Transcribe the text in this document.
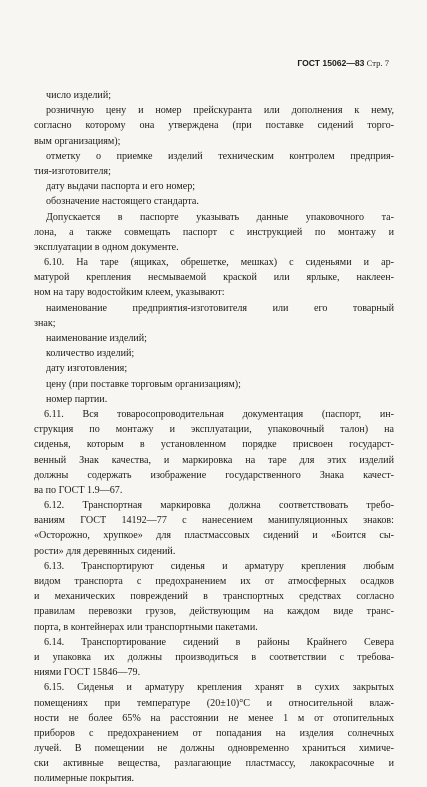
ГОСТ 15062—83 Стр. 7
число изделий;
розничную цену и номер прейскуранта или дополнения к нему,
согласно которому она утверждена (при поставке сидений торго-
вым организациям);
отметку о приемке изделий техническим контролем предприя-
тия-изготовителя;
дату выдачи паспорта и его номер;
обозначение настоящего стандарта.
Допускается в паспорте указывать данные упаковочного та-
лона, а также совмещать паспорт с инструкцией по монтажу и
эксплуатации в одном документе.
6.10. На таре (ящиках, обрешетке, мешках) с сиденьями и ар-
матурой крепления несмываемой краской или ярлыке, наклеен-
ном на тару водостойким клеем, указывают:
наименование предприятия-изготовителя или его товарный
знак;
наименование изделий;
количество изделий;
дату изготовления;
цену (при поставке торговым организациям);
номер партии.
6.11. Вся товаросопроводительная документация (паспорт, ин-
струкция по монтажу и эксплуатации, упаковочный талон) на
сиденья, которым в установленном порядке присвоен государст-
венный Знак качества, и маркировка на таре для этих изделий
должны содержать изображение государственного Знака качест-
ва по ГОСТ 1.9—67.
6.12. Транспортная маркировка должна соответствовать требо-
ваниям ГОСТ 14192—77 с нанесением манипуляционных знаков:
«Осторожно, хрупкое» для пластмассовых сидений и «Боится сы-
рости» для деревянных сидений.
6.13. Транспортируют сиденья и арматуру крепления любым
видом транспорта с предохранением их от атмосферных осадков
и механических повреждений в транспортных средствах согласно
правилам перевозки грузов, действующим на каждом виде транс-
порта, в контейнерах или транспортными пакетами.
6.14. Транспортирование сидений в районы Крайнего Севера
и упаковка их должны производиться в соответствии с требова-
ниями ГОСТ 15846—79.
6.15. Сиденья и арматуру крепления хранят в сухих закрытых
помещениях при температуре (20±10)°С и относительной влаж-
ности не более 65% на расстоянии не менее 1 м от отопительных
приборов с предохранением от попадания на изделия солнечных
лучей. В помещении не должны одновременно храниться химиче-
ски активные вещества, разлагающие пластмассу, лакокрасочные и
полимерные покрытия.
